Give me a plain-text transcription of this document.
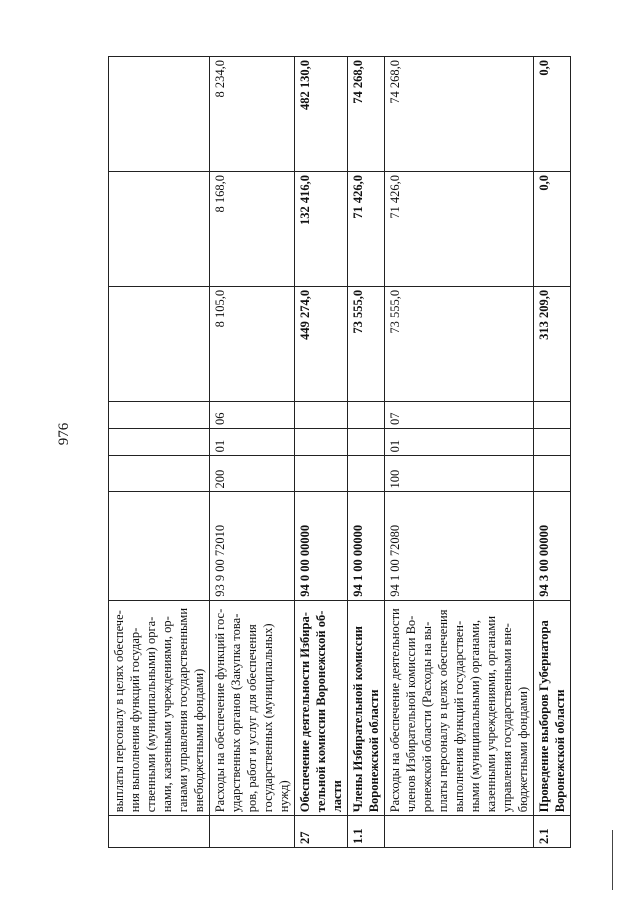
976
	выплаты персоналу в целях обеспече-ния выполнения функций государ-ственными (муниципальными) орга-нами, казенными учреждениями, ор-ганами управления государственными внебюджетными фондами)							
	Расходы на обеспечение функций гос-ударственных органов (Закупка това-ров, работ и услуг для обеспечения государственных (муниципальных) нужд)	93 9 00 72010	200	01	06	8 105,0	8 168,0	8 234,0
27	Обеспечение деятельности Избира-тельной комиссии Воронежской об-ласти	94 0 00 00000				449 274,0	132 416,0	482 130,0
1.1	Члены Избирательной комиссии Воронежской области	94 1 00 00000				73 555,0	71 426,0	74 268,0
	Расходы на обеспечение деятельности членов Избирательной комиссии Во-ронежской области (Расходы на вы-платы персоналу в целях обеспечения выполнения функций государствен-ными (муниципальными) органами, казенными учреждениями, органами управления государственными вне-бюджетными фондами)	94 1 00 72080	100	01	07	73 555,0	71 426,0	74 268,0
2.1	Проведение выборов Губернатора Воронежской области	94 3 00 00000				313 209,0	0,0	0,0
